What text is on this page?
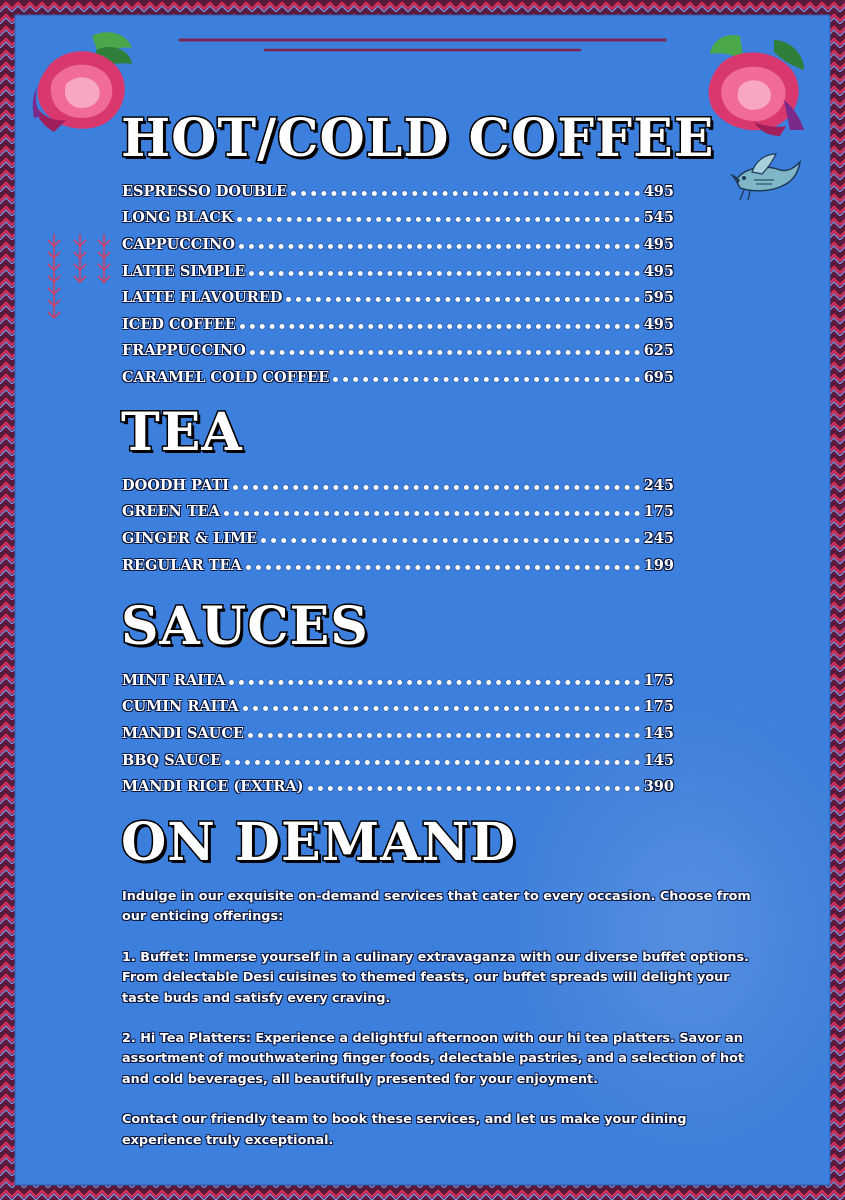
HOT/COLD COFFEE
ESPRESSO DOUBLE	495
LONG BLACK	545
CAPPUCCINO	495
LATTE SIMPLE	495
LATTE FLAVOURED	595
ICED COFFEE	495
FRAPPUCCINO	625
CARAMEL COLD COFFEE	695
TEA
DOODH PATI	245
GREEN TEA	175
GINGER & LIME	245
REGULAR TEA	199
SAUCES
MINT RAITA	175
CUMIN RAITA	175
MANDI SAUCE	145
BBQ SAUCE	145
MANDI RICE (EXTRA)	390
ON DEMAND

Indulge in our exquisite on-demand services that cater to every occasion. Choose from our enticing offerings:

1. Buffet: Immerse yourself in a culinary extravaganza with our diverse buffet options. From delectable Desi cuisines to themed feasts, our buffet spreads will delight your taste buds and satisfy every craving.

2. Hi Tea Platters: Experience a delightful afternoon with our hi tea platters. Savor an assortment of mouthwatering finger foods, delectable pastries, and a selection of hot and cold beverages, all beautifully presented for your enjoyment.

Contact our friendly team to book these services, and let us make your dining experience truly exceptional.
